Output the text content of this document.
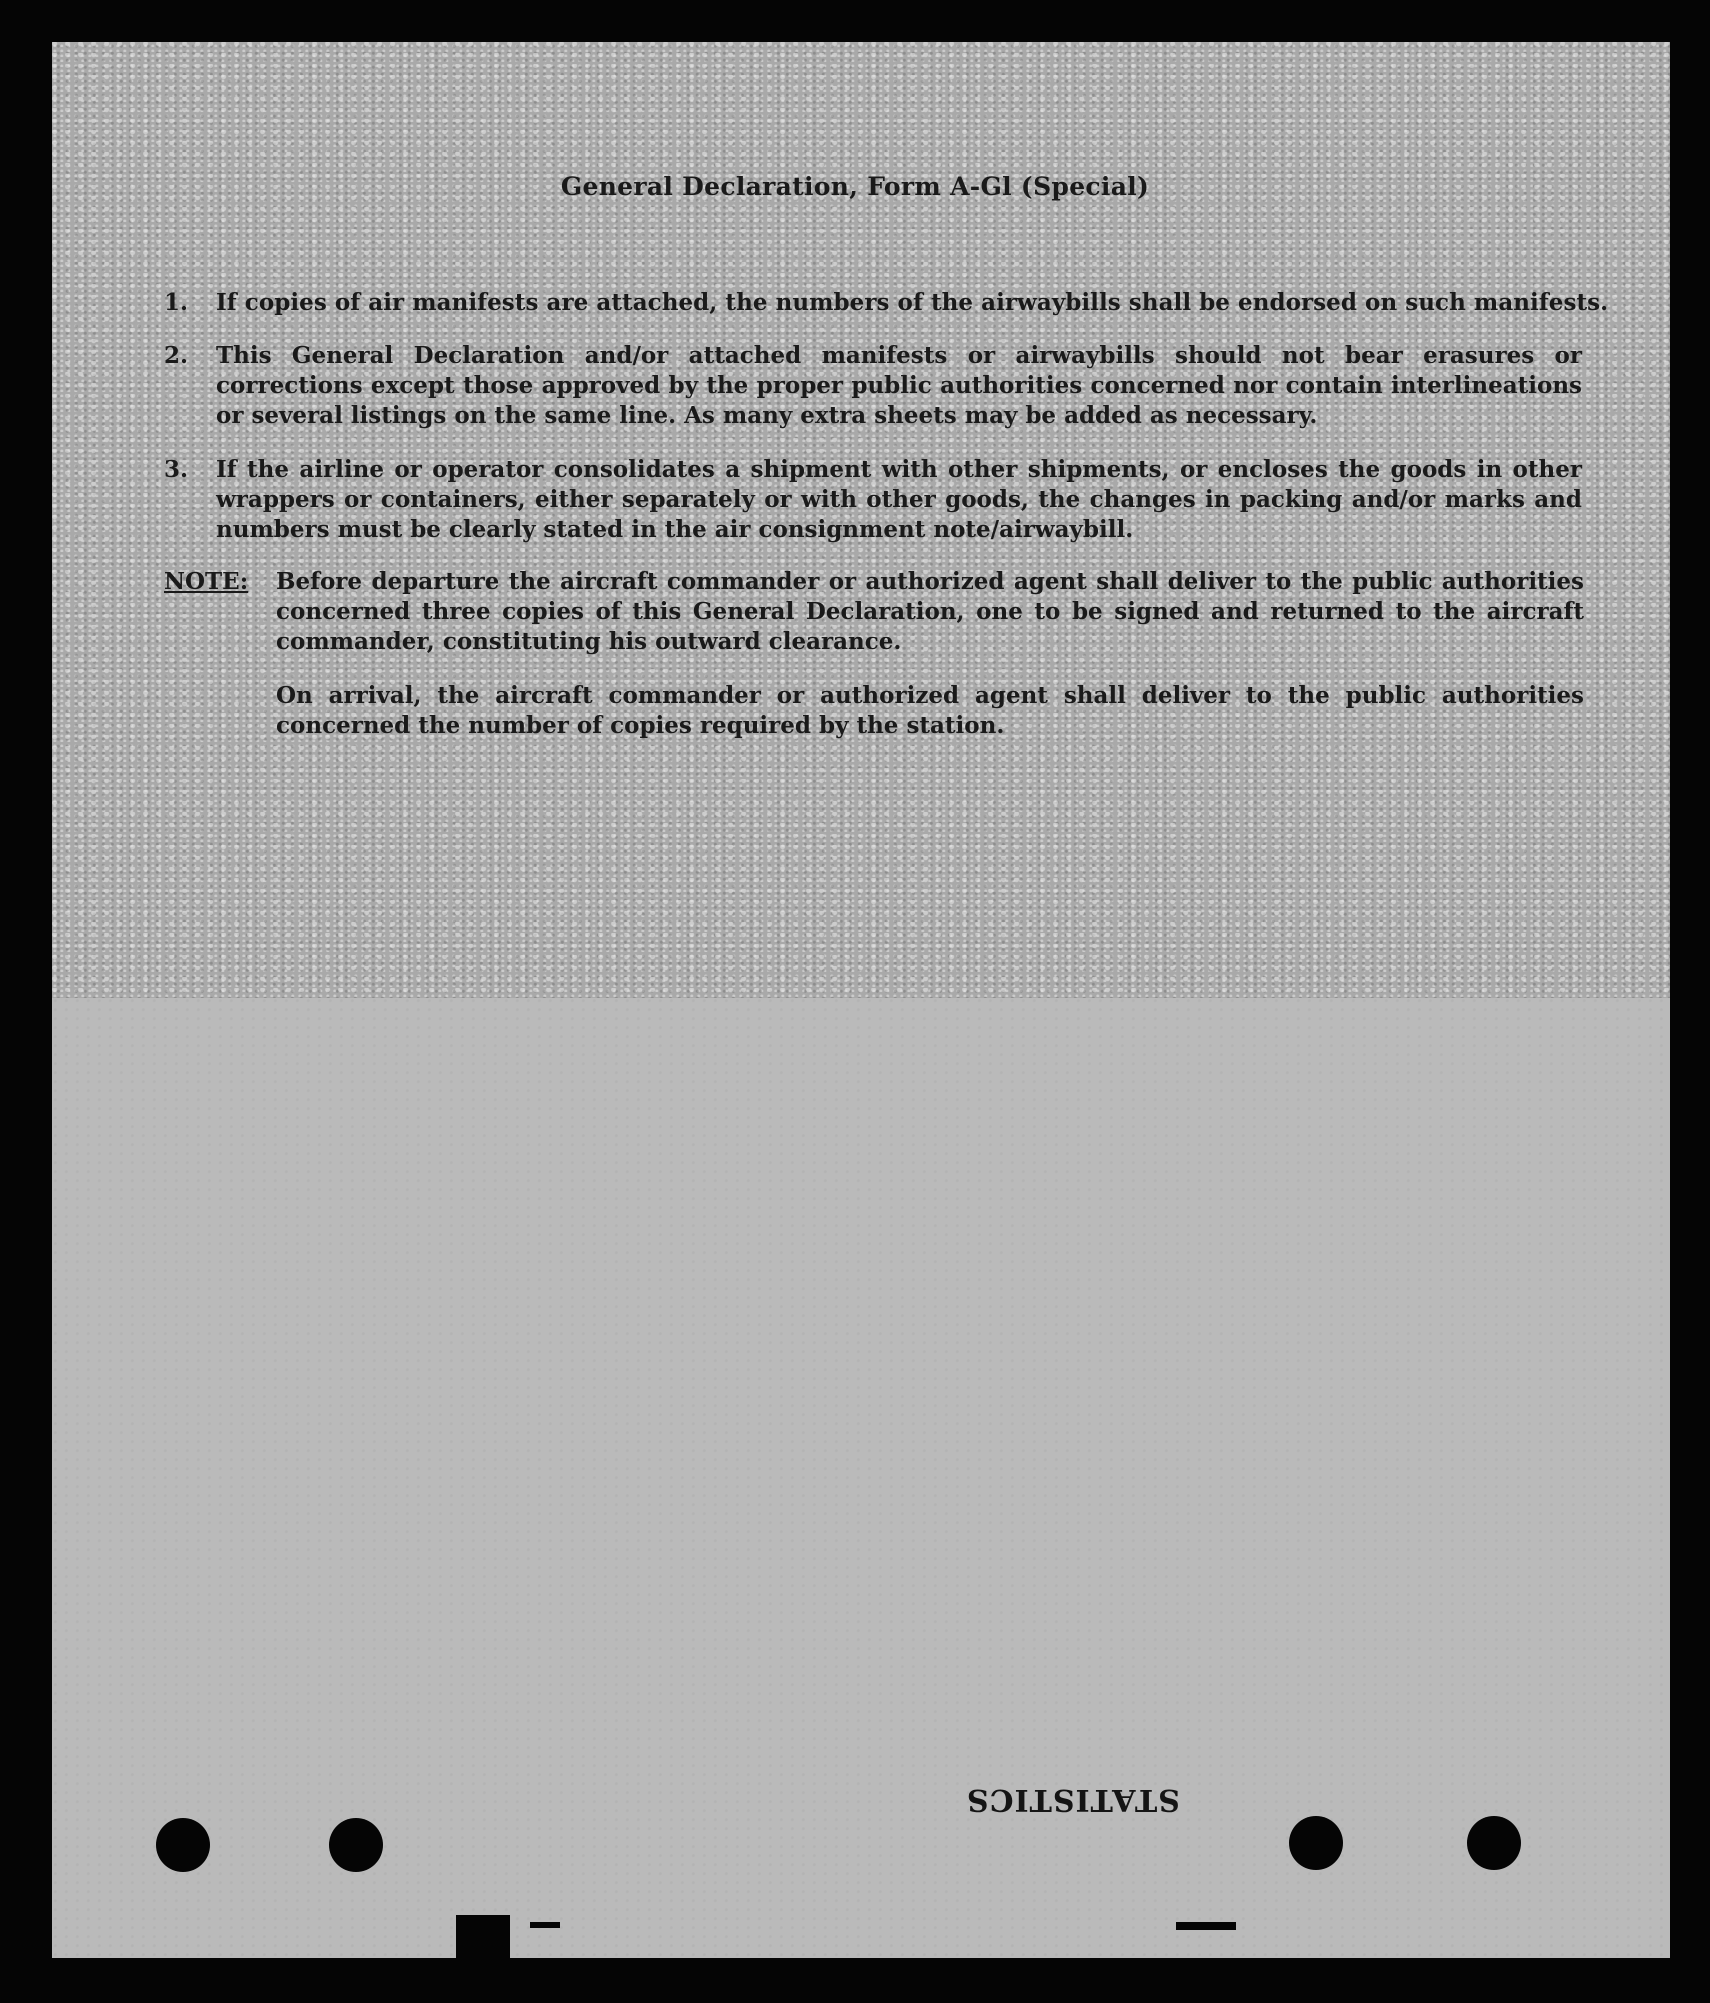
General Declaration, Form A-Gl (Special)
1.	If copies of air manifests are attached, the numbers of the airwaybills shall be endorsed on such manifests.
2.	This General Declaration and/or attached manifests or airwaybills should not bear erasures or corrections except those approved by the proper public authorities concerned nor contain interlineations or several listings on the same line. As many extra sheets may be added as necessary.
3.	If the airline or operator consolidates a shipment with other shipments, or encloses the goods in other wrappers or containers, either separately or with other goods, the changes in packing and/or marks and numbers must be clearly stated in the air consignment note/airwaybill.
NOTE: Before departure the aircraft commander or authorized agent shall deliver to the public authorities concerned three copies of this General Declaration, one to be signed and returned to the aircraft commander, constituting his outward clearance.
On arrival, the aircraft commander or authorized agent shall deliver to the public authorities concerned the number of copies required by the station.
STATISTICS
